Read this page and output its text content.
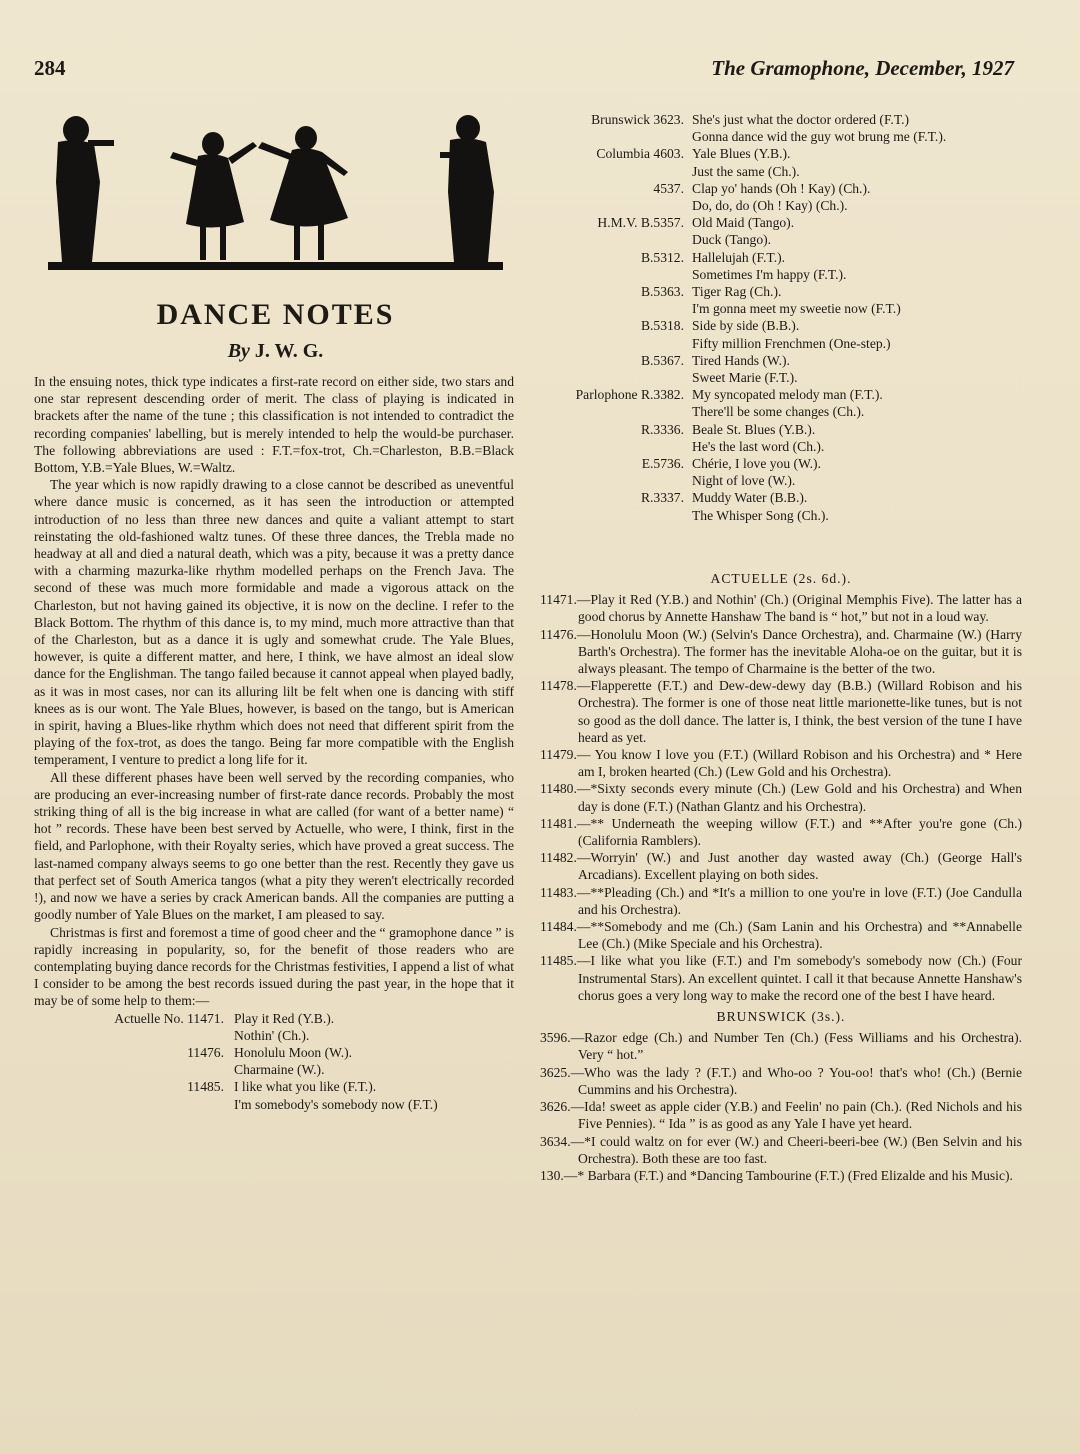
284	The Gramophone, December, 1927
DANCE NOTES
By J. W. G.

In the ensuing notes, thick type indicates a first-rate record on either side, two stars and one star represent descending order of merit. The class of playing is indicated in brackets after the name of the tune ; this classification is not intended to contradict the recording companies' labelling, but is merely intended to help the would-be purchaser. The following abbreviations are used : F.T.=fox-trot, Ch.=Charleston, B.B.=Black Bottom, Y.B.=Yale Blues, W.=Waltz.

The year which is now rapidly drawing to a close cannot be described as uneventful where dance music is concerned, as it has seen the introduction or attempted introduction of no less than three new dances and quite a valiant attempt to start reinstating the old-fashioned waltz tunes. Of these three dances, the Trebla made no headway at all and died a natural death, which was a pity, because it was a pretty dance with a charming mazurka-like rhythm modelled perhaps on the French Java. The second of these was much more formidable and made a vigorous attack on the Charleston, but not having gained its objective, it is now on the decline. I refer to the Black Bottom. The rhythm of this dance is, to my mind, much more attractive than that of the Charleston, but as a dance it is ugly and somewhat crude. The Yale Blues, however, is quite a different matter, and here, I think, we have almost an ideal slow dance for the Englishman. The tango failed because it cannot appeal when played badly, as it was in most cases, nor can its alluring lilt be felt when one is dancing with stiff knees as is our wont. The Yale Blues, however, is based on the tango, but is American in spirit, having a Blues-like rhythm which does not need that different spirit from the playing of the fox-trot, as does the tango. Being far more compatible with the English temperament, I venture to predict a long life for it.

All these different phases have been well served by the recording companies, who are producing an ever-increasing number of first-rate dance records. Probably the most striking thing of all is the big increase in what are called (for want of a better name) “ hot ” records. These have been best served by Actuelle, who were, I think, first in the field, and Parlophone, with their Royalty series, which have proved a great success. The last-named company always seems to go one better than the rest. Recently they gave us that perfect set of South America tangos (what a pity they weren't electrically recorded !), and now we have a series by crack American bands. All the companies are putting a goodly number of Yale Blues on the market, I am pleased to say.

Christmas is first and foremost a time of good cheer and the “ gramophone dance ” is rapidly increasing in popularity, so, for the benefit of those readers who are contemplating buying dance records for the Christmas festivities, I append a list of what I consider to be among the best records issued during the past year, in the hope that it may be of some help to them:—

Actuelle No. 11471.	Play it Red (Y.B.).
	Nothin' (Ch.).
11476.	Honolulu Moon (W.).
	Charmaine (W.).
11485.	I like what you like (F.T.).
	I'm somebody's somebody now (F.T.)
Brunswick 3623.	She's just what the doctor ordered (F.T.)
	Gonna dance wid the guy wot brung me (F.T.).
Columbia 4603.	Yale Blues (Y.B.).
	Just the same (Ch.).
4537.	Clap yo' hands (Oh ! Kay) (Ch.).
	Do, do, do (Oh ! Kay) (Ch.).
H.M.V. B.5357.	Old Maid (Tango).
	Duck (Tango).
B.5312.	Hallelujah (F.T.).
	Sometimes I'm happy (F.T.).
B.5363.	Tiger Rag (Ch.).
	I'm gonna meet my sweetie now (F.T.)
B.5318.	Side by side (B.B.).
	Fifty million Frenchmen (One-step.)
B.5367.	Tired Hands (W.).
	Sweet Marie (F.T.).
Parlophone R.3382.	My syncopated melody man (F.T.).
	There'll be some changes (Ch.).
R.3336.	Beale St. Blues (Y.B.).
	He's the last word (Ch.).
E.5736.	Chérie, I love you (W.).
	Night of love (W.).
R.3337.	Muddy Water (B.B.).
	The Whisper Song (Ch.).
ACTUELLE (2s. 6d.).

11471.—Play it Red (Y.B.) and Nothin' (Ch.) (Original Memphis Five). The latter has a good chorus by Annette Hanshaw The band is “ hot,” but not in a loud way.

11476.—Honolulu Moon (W.) (Selvin's Dance Orchestra), and. Charmaine (W.) (Harry Barth's Orchestra). The former has the inevitable Aloha-oe on the guitar, but it is always pleasant. The tempo of Charmaine is the better of the two.

11478.—Flapperette (F.T.) and Dew-dew-dewy day (B.B.) (Willard Robison and his Orchestra). The former is one of those neat little marionette-like tunes, but is not so good as the doll dance. The latter is, I think, the best version of the tune I have heard as yet.

11479.— You know I love you (F.T.) (Willard Robison and his Orchestra) and * Here am I, broken hearted (Ch.) (Lew Gold and his Orchestra).

11480.—*Sixty seconds every minute (Ch.) (Lew Gold and his Orchestra) and When day is done (F.T.) (Nathan Glantz and his Orchestra).

11481.—** Underneath the weeping willow (F.T.) and **After you're gone (Ch.) (California Ramblers).

11482.—Worryin' (W.) and Just another day wasted away (Ch.) (George Hall's Arcadians). Excellent playing on both sides.

11483.—**Pleading (Ch.) and *It's a million to one you're in love (F.T.) (Joe Candulla and his Orchestra).

11484.—**Somebody and me (Ch.) (Sam Lanin and his Orchestra) and **Annabelle Lee (Ch.) (Mike Speciale and his Orchestra).

11485.—I like what you like (F.T.) and I'm somebody's somebody now (Ch.) (Four Instrumental Stars). An excellent quintet. I call it that because Annette Hanshaw's chorus goes a very long way to make the record one of the best I have heard.

BRUNSWICK (3s.).

3596.—Razor edge (Ch.) and Number Ten (Ch.) (Fess Williams and his Orchestra). Very “ hot.”

3625.—Who was the lady ? (F.T.) and Who-oo ? You-oo! that's who! (Ch.) (Bernie Cummins and his Orchestra).

3626.—Ida! sweet as apple cider (Y.B.) and Feelin' no pain (Ch.). (Red Nichols and his Five Pennies). “ Ida ” is as good as any Yale I have yet heard.

3634.—*I could waltz on for ever (W.) and Cheeri-beeri-bee (W.) (Ben Selvin and his Orchestra). Both these are too fast.

130.—* Barbara (F.T.) and *Dancing Tambourine (F.T.) (Fred Elizalde and his Music).
